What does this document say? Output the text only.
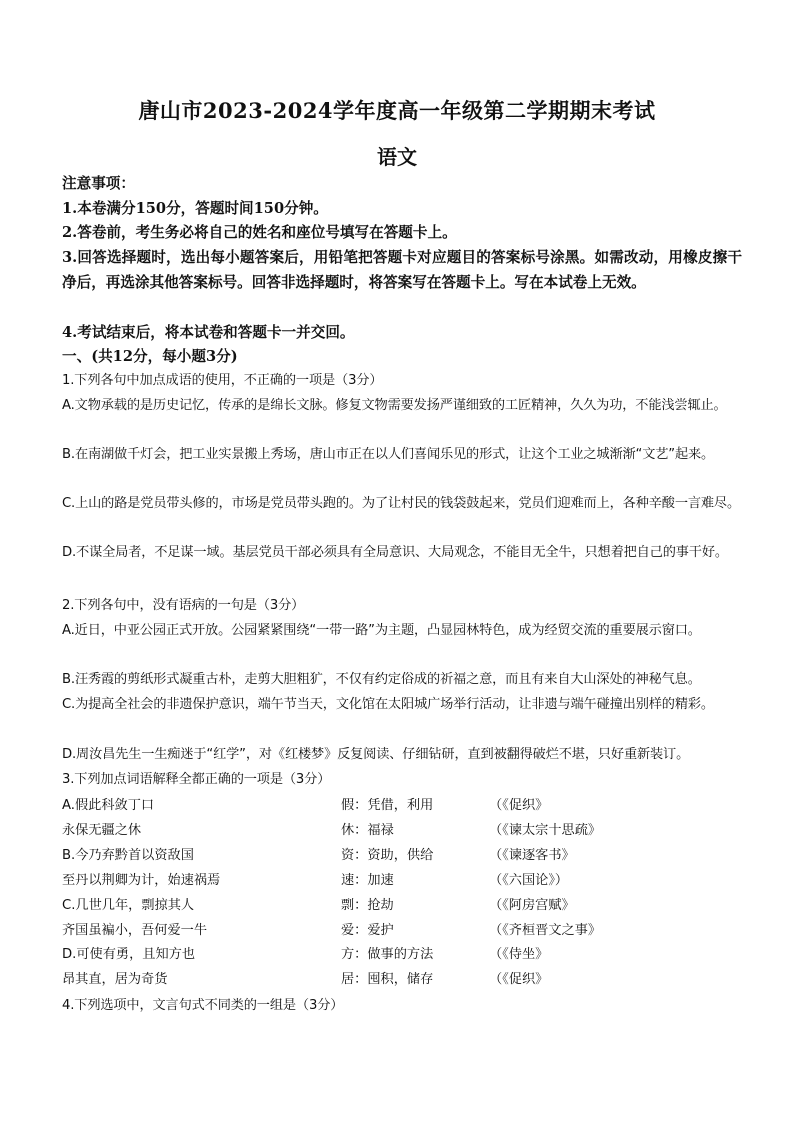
唐山市2023-2024学年度高一年级第二学期期末考试
语文
注意事项：
1.本卷满分150分，答题时间150分钟。
2.答卷前，考生务必将自己的姓名和座位号填写在答题卡上。
3.回答选择题时，选出每小题答案后，用铅笔把答题卡对应题目的答案标号涂黑。如需改动，用橡皮擦干净后，再选涂其他答案标号。回答非选择题时，将答案写在答题卡上。写在本试卷上无效。
4.考试结束后，将本试卷和答题卡一并交回。
一、(共12分，每小题3分)
1.下列各句中加点成语的使用，不正确的一项是（3分）
A.文物承载的是历史记忆，传承的是绵长文脉。修复文物需要发扬严谨细致的工匠精神，久久为功，不能浅尝辄止。
B.在南湖做千灯会，把工业实景搬上秀场，唐山市正在以人们喜闻乐见的形式，让这个工业之城渐渐“文艺”起来。
C.上山的路是党员带头修的，市场是党员带头跑的。为了让村民的钱袋鼓起来，党员们迎难而上，各种辛酸一言难尽。
D.不谋全局者，不足谋一域。基层党员干部必须具有全局意识、大局观念，不能目无全牛，只想着把自己的事干好。
2.下列各句中，没有语病的一句是（3分）
A.近日，中亚公园正式开放。公园紧紧围绕“一带一路”为主题，凸显园林特色，成为经贸交流的重要展示窗口。
B.汪秀霞的剪纸形式凝重古朴，走剪大胆粗犷，不仅有约定俗成的祈福之意，而且有来自大山深处的神秘气息。
C.为提高全社会的非遗保护意识，端午节当天，文化馆在太阳城广场举行活动，让非遗与端午碰撞出别样的精彩。
D.周汝昌先生一生痴迷于“红学”，对《红楼梦》反复阅读、仔细钻研，直到被翻得破烂不堪，只好重新装订。
3.下列加点词语解释全都正确的一项是（3分）
A.假此科敛丁口	假：凭借，利用	（《促织》
永保无疆之休	休：福禄	（《谏太宗十思疏》
B.今乃弃黔首以资敌国	资：资助，供给	（《谏逐客书》
至丹以荆卿为计，始速祸焉	速：加速	（《六国论》）
C.几世几年，剽掠其人	剽：抢劫	（《阿房宫赋》
齐国虽褊小，吾何爱一牛	爱：爱护	（《齐桓晋文之事》
D.可使有勇，且知方也	方：做事的方法	（《侍坐》
昂其直，居为奇货	居：囤积，储存	（《促织》
4.下列选项中，文言句式不同类的一组是（3分）
